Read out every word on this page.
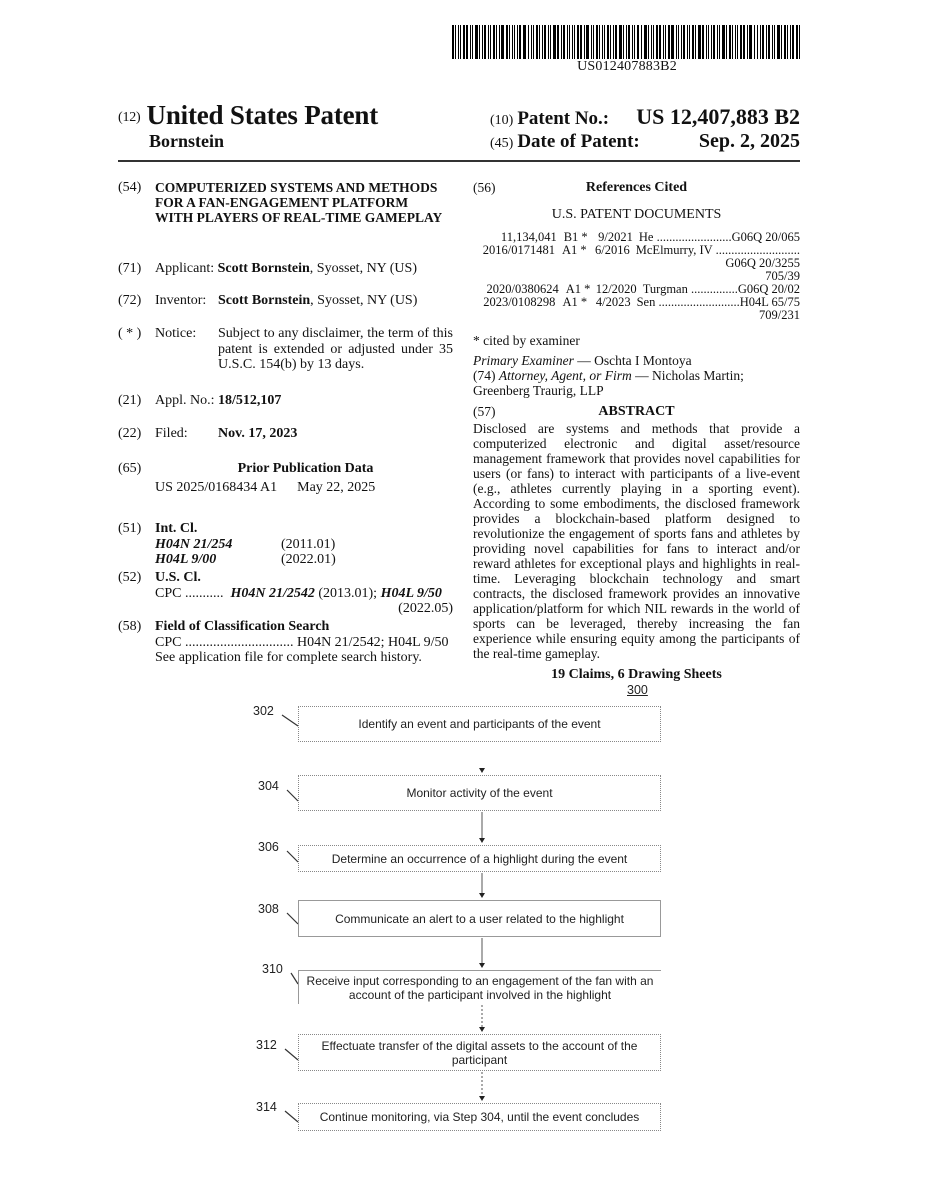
US012407883B2
(12) United States Patent
Bornstein
(10) Patent No.: US 12,407,883 B2
(45) Date of Patent:	Sep. 2, 2025
(54) COMPUTERIZED SYSTEMS AND METHODS FOR A FAN-ENGAGEMENT PLATFORM WITH PLAYERS OF REAL-TIME GAMEPLAY
(71) Applicant: Scott Bornstein, Syosset, NY (US)
(72) Inventor: Scott Bornstein, Syosset, NY (US)
( * ) Notice:	Subject to any disclaimer, the term of this patent is extended or adjusted under 35 U.S.C. 154(b) by 13 days.
(21) Appl. No.: 18/512,107
(22) Filed: Nov. 17, 2023
(65)	Prior Publication Data
US 2025/0168434 A1 May 22, 2025
(51) Int. Cl.
H04N 21/254	(2011.01)
H04L 9/00	(2022.01)
(52) U.S. Cl.
CPC ........... H04N 21/2542 (2013.01); H04L 9/50
(2022.05)
(58) Field of Classification Search
CPC ............................... H04N 21/2542; H04L 9/50
See application file for complete search history.
(56)	References Cited
U.S. PATENT DOCUMENTS
11,134,041 B1 * 9/2021 He ........................ G06Q 20/065
2016/0171481 A1 * 6/2016 McElmurry, IV ...........................
G06Q 20/3255
705/39
2020/0380624 A1 * 12/2020 Turgman ............... G06Q 20/02
2023/0108298 A1 * 4/2023 Sen .......................... H04L 65/75
709/231
* cited by examiner
Primary Examiner — Oschta I Montoya
(74) Attorney, Agent, or Firm — Nicholas Martin; Greenberg Traurig, LLP
(57)	ABSTRACT
Disclosed are systems and methods that provide a computerized electronic and digital asset/resource management framework that provides novel capabilities for users (or fans) to interact with participants of a live-event (e.g., athletes currently playing in a sporting event). According to some embodiments, the disclosed framework provides a blockchain-based platform designed to revolutionize the engagement of sports fans and athletes by providing novel capabilities for fans to interact and/or reward athletes for exceptional plays and highlights in real-time. Leveraging blockchain technology and smart contracts, the disclosed framework provides an innovative application/platform for which NIL rewards in the world of sports can be leveraged, thereby increasing the fan experience while ensuring equity among the participants of the real-time gameplay.
19 Claims, 6 Drawing Sheets
300
Identify an event and participants of the event
Monitor activity of the event
Determine an occurrence of a highlight during the event
Communicate an alert to a user related to the highlight
Receive input corresponding to an engagement of the fan with an account of the participant involved in the highlight
Effectuate transfer of the digital assets to the account of the participant
Continue monitoring, via Step 304, until the event concludes
302
304
306
308
310
312
314
